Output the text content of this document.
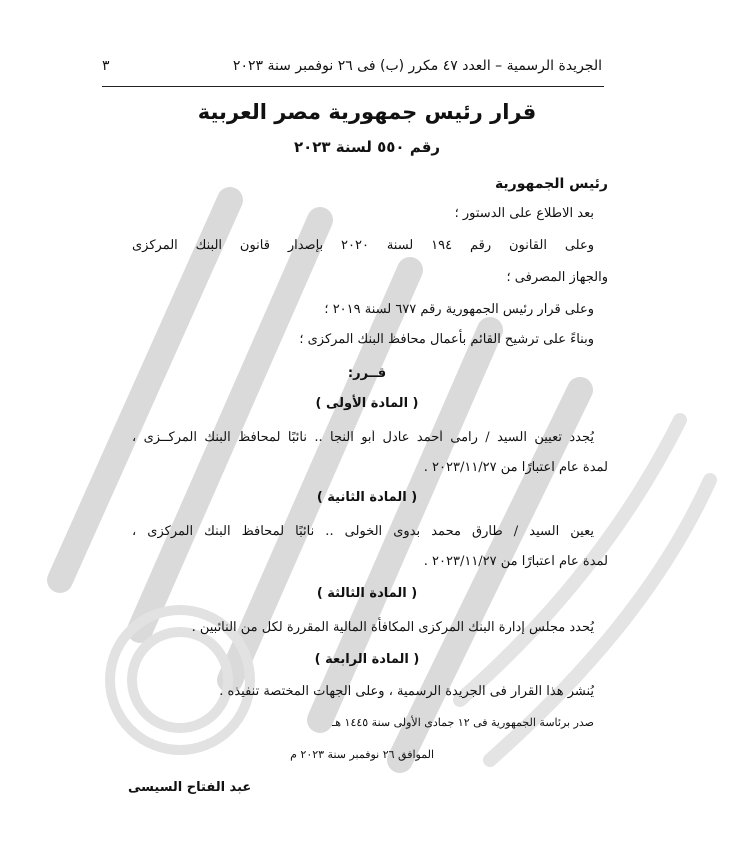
٣	الجريدة الرسمية – العدد ٤٧ مكرر (ب) فى ٢٦ نوفمبر سنة ٢٠٢٣
قرار رئيس جمهورية مصر العربية
رقم ٥٥٠ لسنة ٢٠٢٣
رئيس الجمهورية
بعد الاطلاع على الدستور ؛
وعلى القانون رقم ١٩٤ لسنة ٢٠٢٠ بإصدار قانون البنك المركزى
والجهاز المصرفى ؛
وعلى قرار رئيس الجمهورية رقم ٦٧٧ لسنة ٢٠١٩ ؛
وبناءً على ترشيح القائم بأعمال محافظ البنك المركزى ؛
قــرر:
( المادة الأولى )
يُجدد تعيين السيد / رامى أحمد عادل أبو النجا .. نائبًا لمحافظ البنك المركــزى ،
لمدة عام اعتبارًا من ٢٠٢٣/١١/٢٧ .
( المادة الثانية )
يعين السيد / طارق محمد بدوى الخولى .. نائبًا لمحافظ البنك المركزى ،
لمدة عام اعتبارًا من ٢٠٢٣/١١/٢٧ .
( المادة الثالثة )
يُحدد مجلس إدارة البنك المركزى المكافأة المالية المقررة لكل من النائبين .
( المادة الرابعة )
يُنشر هذا القرار فى الجريدة الرسمية ، وعلى الجهات المختصة تنفيذه .
صدر برئاسة الجمهورية فى ١٢ جمادى الأولى سنة ١٤٤٥ هـ
الموافق ٢٦ نوفمبر سنة ٢٠٢٣ م
عبد الفتاح السيسى
